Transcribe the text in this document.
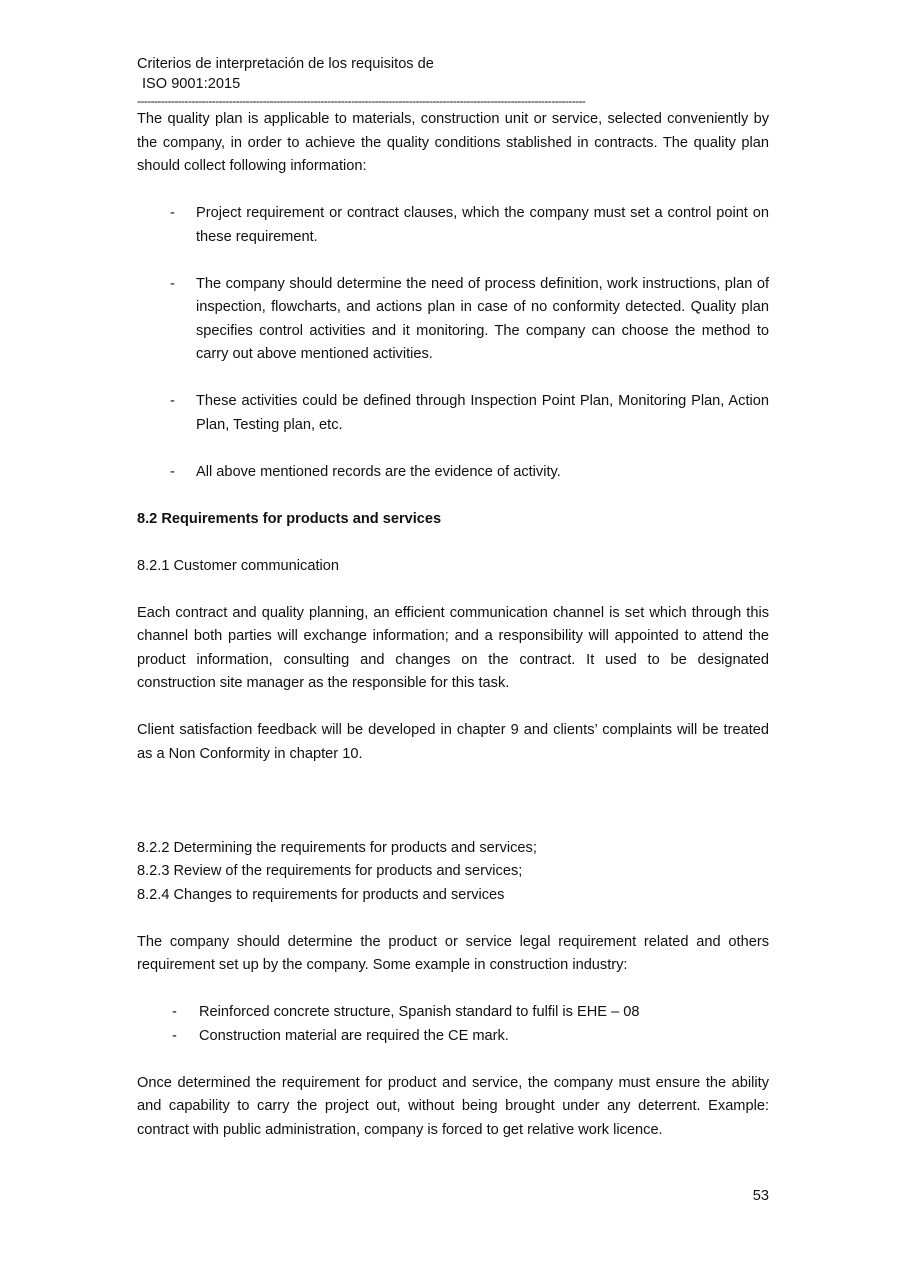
Criterios de interpretación de los requisitos de
ISO 9001:2015
------------------------------------------------------------------------------------------------------------------------------------

The quality plan is applicable to materials, construction unit or service, selected conveniently by the company, in order to achieve the quality conditions stablished in contracts. The quality plan should collect following information:

-	Project requirement or contract clauses, which the company must set a control point on these requirement.
-	The company should determine the need of process definition, work instructions, plan of inspection, flowcharts, and actions plan in case of no conformity detected. Quality plan specifies control activities and it monitoring. The company can choose the method to carry out above mentioned activities.
-	These activities could be defined through Inspection Point Plan, Monitoring Plan, Action Plan, Testing plan, etc.
-	All above mentioned records are the evidence of activity.

8.2 Requirements for products and services

8.2.1 Customer communication

Each contract and quality planning, an efficient communication channel is set which through this channel both parties will exchange information; and a responsibility will appointed to attend the product information, consulting and changes on the contract. It used to be designated construction site manager as the responsible for this task.

Client satisfaction feedback will be developed in chapter 9 and clients’ complaints will be treated as a Non Conformity in chapter 10.

8.2.2 Determining the requirements for products and services;

8.2.3 Review of the requirements for products and services;

8.2.4 Changes to requirements for products and services

The company should determine the product or service legal requirement related and others requirement set up by the company. Some example in construction industry:

-	Reinforced concrete structure, Spanish standard to fulfil is EHE – 08
-	Construction material are required the CE mark.

Once determined the requirement for product and service, the company must ensure the ability and capability to carry the project out, without being brought under any deterrent. Example: contract with public administration, company is forced to get relative work licence.

53
